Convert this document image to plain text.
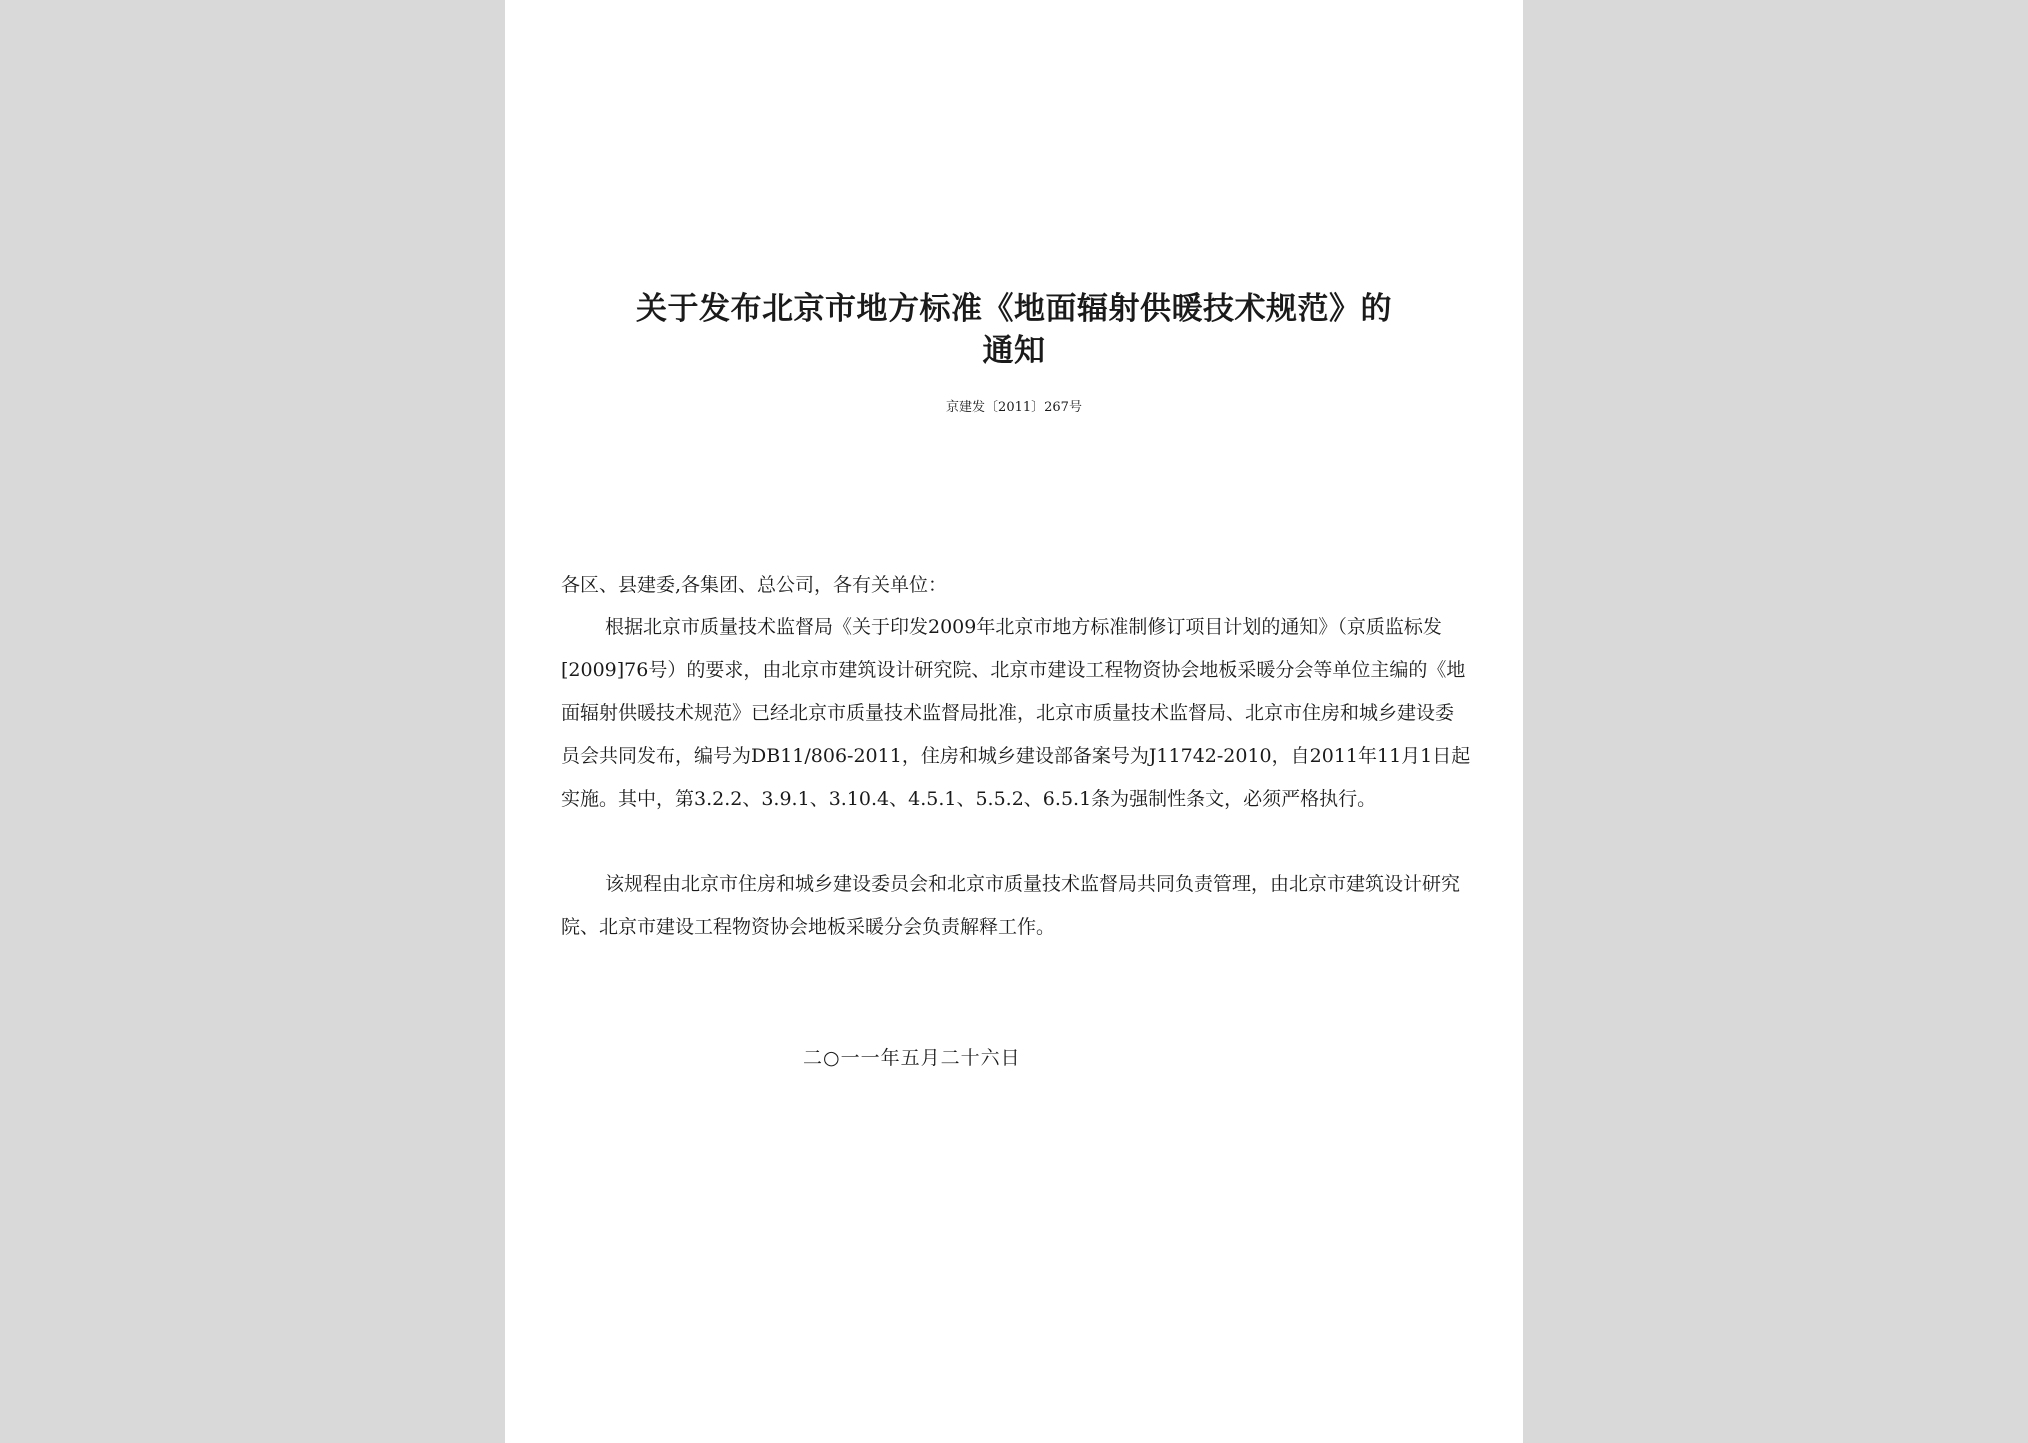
关于发布北京市地方标准《地面辐射供暖技术规范》的
通知
京建发〔2011〕267号

各区、县建委,各集团、总公司，各有关单位：

根据北京市质量技术监督局《关于印发2009年北京市地方标准制修订项目计划的通知》（京质监标发[2009]76号）的要求，由北京市建筑设计研究院、北京市建设工程物资协会地板采暖分会等单位主编的《地面辐射供暖技术规范》已经北京市质量技术监督局批准，北京市质量技术监督局、北京市住房和城乡建设委员会共同发布，编号为DB11/806-2011，住房和城乡建设部备案号为J11742-2010，自2011年11月1日起实施。其中，第3.2.2、3.9.1、3.10.4、4.5.1、5.5.2、6.5.1条为强制性条文，必须严格执行。

该规程由北京市住房和城乡建设委员会和北京市质量技术监督局共同负责管理，由北京市建筑设计研究院、北京市建设工程物资协会地板采暖分会负责解释工作。

二○一一年五月二十六日
